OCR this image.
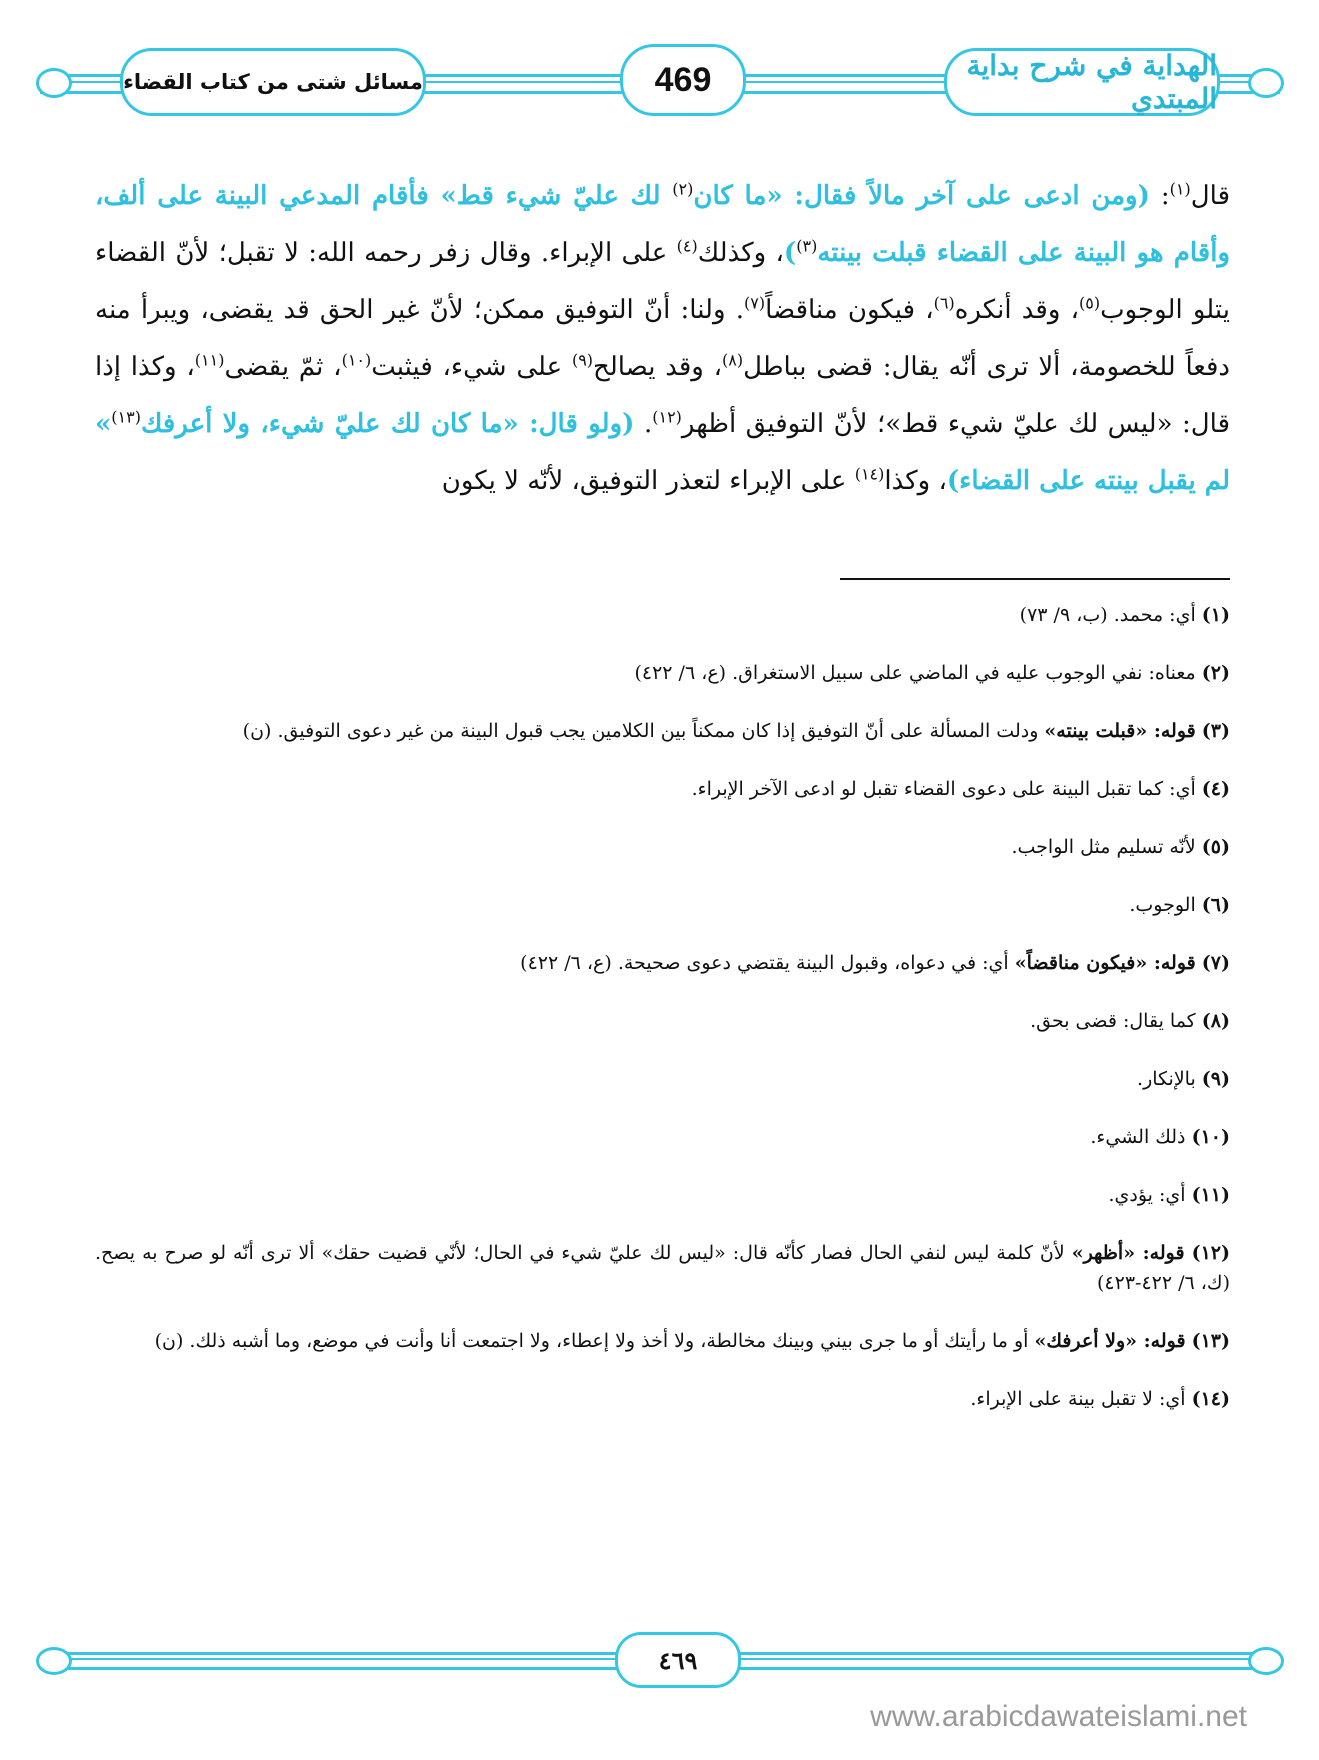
الهداية في شرح بداية المبتدي
469
مسائل شتى من كتاب القضاء
قال$^{(١)}$: (ومن ادعى على آخر مالاً فقال: «ما كان$^{(٢)}$ لك عليّ شيء قط» فأقام المدعي البينة على ألف، وأقام هو البينة على القضاء قبلت بينته$^{(٣)}$)، وكذلك$^{(٤)}$ على الإبراء. وقال زفر رحمه الله: لا تقبل؛ لأنّ القضاء يتلو الوجوب$^{(٥)}$، وقد أنكره$^{(٦)}$، فيكون مناقضاً$^{(٧)}$. ولنا: أنّ التوفيق ممكن؛ لأنّ غير الحق قد يقضى، ويبرأ منه دفعاً للخصومة، ألا ترى أنّه يقال: قضى بباطل$^{(٨)}$، وقد يصالح$^{(٩)}$ على شيء، فيثبت$^{(١٠)}$، ثمّ يقضى$^{(١١)}$، وكذا إذا قال: «ليس لك عليّ شيء قط»؛ لأنّ التوفيق أظهر$^{(١٢)}$. (ولو قال: «ما كان لك عليّ شيء، ولا أعرفك$^{(١٣)}$» لم يقبل بينته على القضاء)، وكذا$^{(١٤)}$ على الإبراء لتعذر التوفيق، لأنّه لا يكون
(١) أي: محمد. (ب، ٩/ ٧٣)
(٢) معناه: نفي الوجوب عليه في الماضي على سبيل الاستغراق. (ع، ٦/ ٤٢٢)
(٣) قوله: «قبلت بينته» ودلت المسألة على أنّ التوفيق إذا كان ممكناً بين الكلامين يجب قبول البينة من غير دعوى التوفيق. (ن)
(٤) أي: كما تقبل البينة على دعوى القضاء تقبل لو ادعى الآخر الإبراء.
(٥) لأنّه تسليم مثل الواجب.
(٦) الوجوب.
(٧) قوله: «فيكون مناقضاً» أي: في دعواه، وقبول البينة يقتضي دعوى صحيحة. (ع، ٦/ ٤٢٢)
(٨) كما يقال: قضى بحق.
(٩) بالإنكار.
(١٠) ذلك الشيء.
(١١) أي: يؤدي.
(١٢) قوله: «أظهر» لأنّ كلمة ليس لنفي الحال فصار كأنّه قال: «ليس لك عليّ شيء في الحال؛ لأنّي قضيت حقك» ألا ترى أنّه لو صرح به يصح. (ك، ٦/ ٤٢٢-٤٢٣)
(١٣) قوله: «ولا أعرفك» أو ما رأيتك أو ما جرى بيني وبينك مخالطة، ولا أخذ ولا إعطاء، ولا اجتمعت أنا وأنت في موضع، وما أشبه ذلك. (ن)
(١٤) أي: لا تقبل بينة على الإبراء.
٤٦٩
www.arabicdawateislami.net
